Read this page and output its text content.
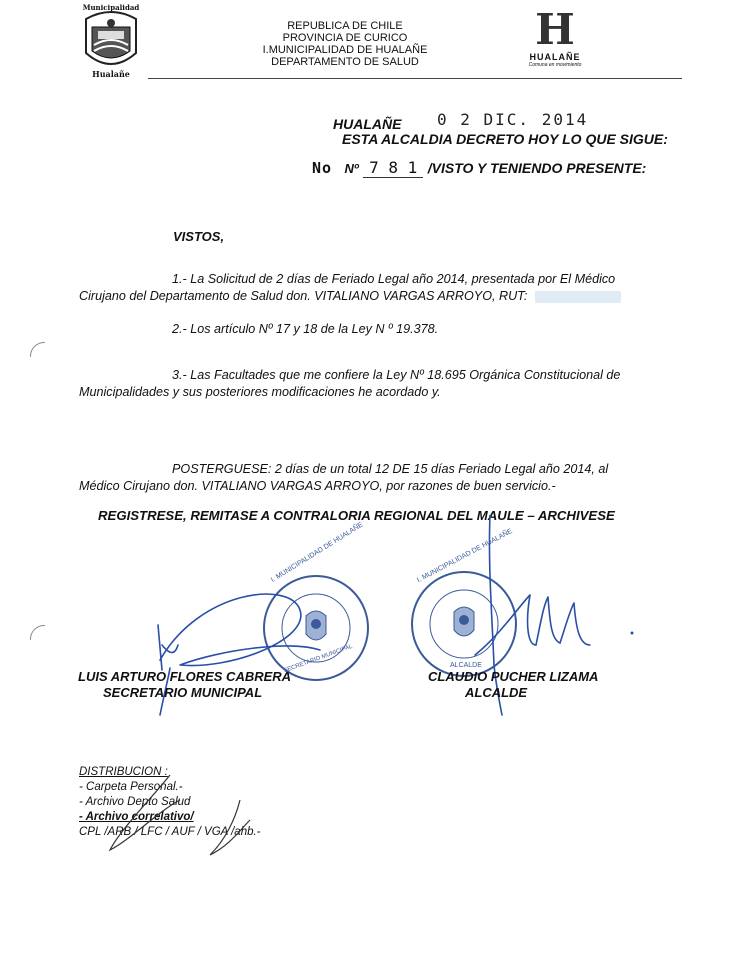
Municipalidad
Hualañe
REPUBLICA DE CHILE
PROVINCIA DE CURICO
I.MUNICIPALIDAD DE HUALAÑE
DEPARTAMENTO DE SALUD
H
HUALAÑE
Comuna en movimiento
HUALAÑE 0 2 DIC. 2014
ESTA ALCALDIA DECRETO HOY LO QUE SIGUE:
No Nº 7 8 1 /VISTO Y TENIENDO PRESENTE:
VISTOS,
1.- La Solicitud de 2 días de Feriado Legal año 2014, presentada por El Médico
Cirujano del Departamento de Salud don. VITALIANO VARGAS ARROYO, RUT:
2.- Los artículo Nº 17 y 18 de la Ley N º 19.378.
3.- Las Facultades que me confiere la Ley Nº 18.695 Orgánica Constitucional de
Municipalidades y sus posteriores modificaciones he acordado y.
POSTERGUESE: 2 días de un total 12 DE 15 días Feriado Legal año 2014, al
Médico Cirujano don. VITALIANO VARGAS ARROYO, por razones de buen servicio.-
REGISTRESE, REMITASE A CONTRALORIA REGIONAL DEL MAULE – ARCHIVESE
I. MUNICIPALIDAD DE HUALAÑE
SECRETARIO MUNICIPAL
I. MUNICIPALIDAD DE HUALAÑE
ALCALDE
LUIS ARTURO FLORES CABRERA
SECRETARIO MUNICIPAL
CLAUDIO PUCHER LIZAMA
ALCALDE
DISTRIBUCION :
- Carpeta Personal.-
- Archivo Depto Salud
- Archivo correlativo/
CPL /ARB / LFC / AUF / VGA /ahb.-
